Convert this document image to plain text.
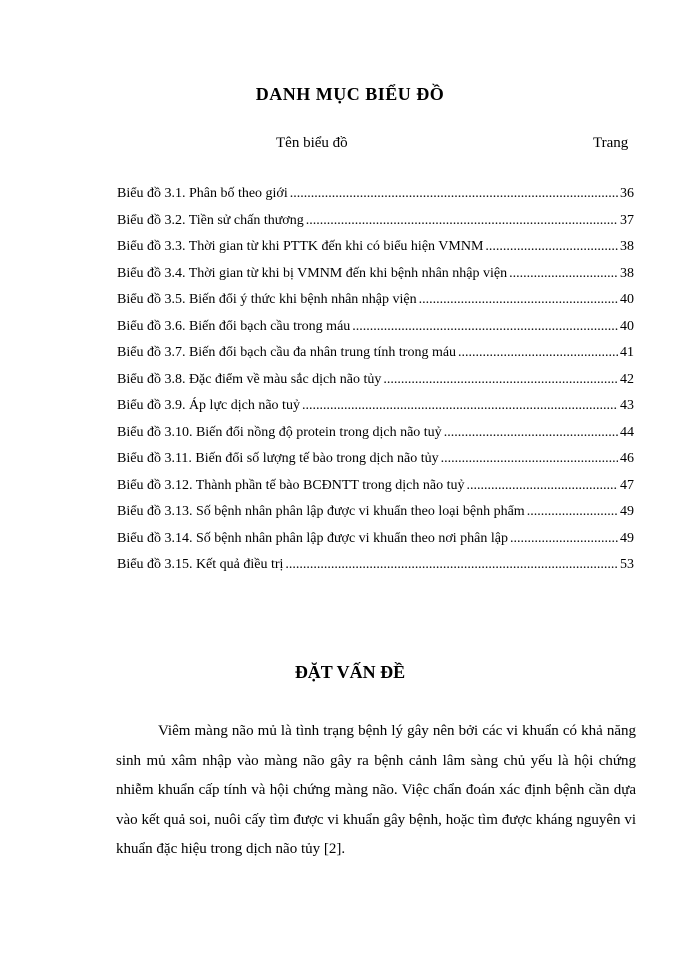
DANH MỤC BIỂU ĐỒ
Tên biểu đồ	Trang
Biểu đồ 3.1. Phân bố theo giới .....	36
Biểu đồ 3.2. Tiền sử chấn thương .....	37
Biểu đồ 3.3. Thời gian từ khi PTTK đến khi có biểu hiện VMNM .....	38
Biểu đồ 3.4. Thời gian từ khi bị VMNM đến khi bệnh nhân nhập viện .....	38
Biểu đồ 3.5. Biến đổi ý thức khi bệnh nhân nhập viện .....	40
Biểu đồ 3.6. Biến đổi bạch cầu trong máu .....	40
Biểu đồ 3.7. Biến đổi bạch cầu đa nhân trung tính trong máu .....	41
Biểu đồ 3.8. Đặc điểm về màu sắc dịch não tủy .....	42
Biểu đồ 3.9. Áp lực dịch não tuỷ .....	43
Biểu đồ 3.10. Biến đổi nồng độ protein trong dịch não tuỷ .....	44
Biểu đồ 3.11. Biến đổi số lượng tế bào trong dịch não tủy .....	46
Biểu đồ 3.12. Thành phần tế bào BCĐNTT trong dịch não tuỷ .....	47
Biểu đồ 3.13. Số bệnh nhân phân lập được vi khuẩn theo loại bệnh phẩm .....	49
Biểu đồ 3.14. Số bệnh nhân phân lập được vi khuẩn theo nơi phân lập .....	49
Biểu đồ 3.15. Kết quả điều trị .....	53
ĐẶT VẤN ĐỀ
Viêm màng não mủ là tình trạng bệnh lý gây nên bởi các vi khuẩn có khả năng sinh mủ xâm nhập vào màng não gây ra bệnh cảnh lâm sàng chủ yếu là hội chứng nhiễm khuẩn cấp tính và hội chứng màng não. Việc chẩn đoán xác định bệnh cần dựa vào kết quả soi, nuôi cấy tìm được vi khuẩn gây bệnh, hoặc tìm được kháng nguyên vi khuẩn đặc hiệu trong dịch não tủy [2].
